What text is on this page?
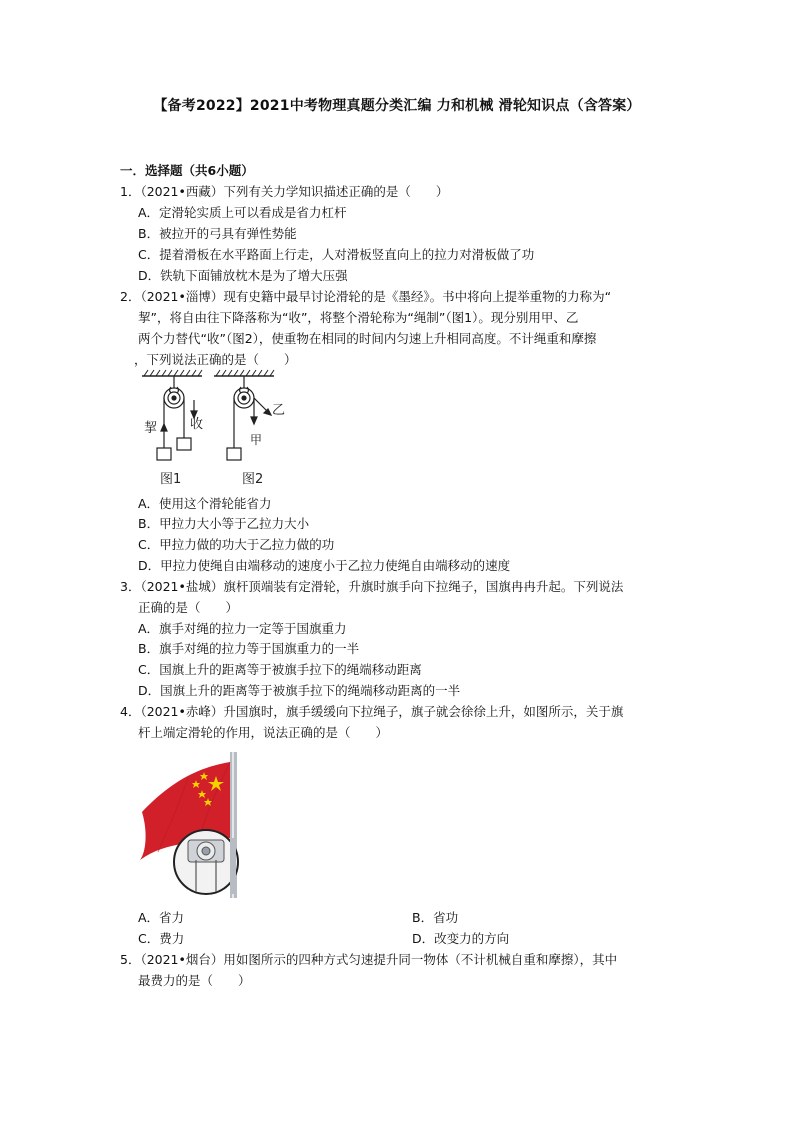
【备考2022】2021中考物理真题分类汇编 力和机械 滑轮知识点（含答案）
一．选择题（共6小题）
1．（2021•西藏）下列有关力学知识描述正确的是（　　）
A．定滑轮实质上可以看成是省力杠杆
B．被拉开的弓具有弹性势能
C．提着滑板在水平路面上行走，人对滑板竖直向上的拉力对滑板做了功
D．铁轨下面铺放枕木是为了增大压强
2．（2021•淄博）现有史籍中最早讨论滑轮的是《墨经》。书中将向上提举重物的力称为“
挈”，将自由往下降落称为“收”，将整个滑轮称为“绳制”（图1）。现分别用甲、乙
两个力替代“收”（图2），使重物在相同的时间内匀速上升相同高度。不计绳重和摩擦
，下列说法正确的是（　　）
挈	收
甲
乙
图1	图2
A．使用这个滑轮能省力
B．甲拉力大小等于乙拉力大小
C．甲拉力做的功大于乙拉力做的功
D．甲拉力使绳自由端移动的速度小于乙拉力使绳自由端移动的速度
3．（2021•盐城）旗杆顶端装有定滑轮，升旗时旗手向下拉绳子，国旗冉冉升起。下列说法
正确的是（　　）
A．旗手对绳的拉力一定等于国旗重力
B．旗手对绳的拉力等于国旗重力的一半
C．国旗上升的距离等于被旗手拉下的绳端移动距离
D．国旗上升的距离等于被旗手拉下的绳端移动距离的一半
4．（2021•赤峰）升国旗时，旗手缓缓向下拉绳子，旗子就会徐徐上升，如图所示，关于旗
杆上端定滑轮的作用，说法正确的是（　　）
A．省力	B．省功
C．费力	D．改变力的方向
5．（2021•烟台）用如图所示的四种方式匀速提升同一物体（不计机械自重和摩擦），其中
最费力的是（　　）
